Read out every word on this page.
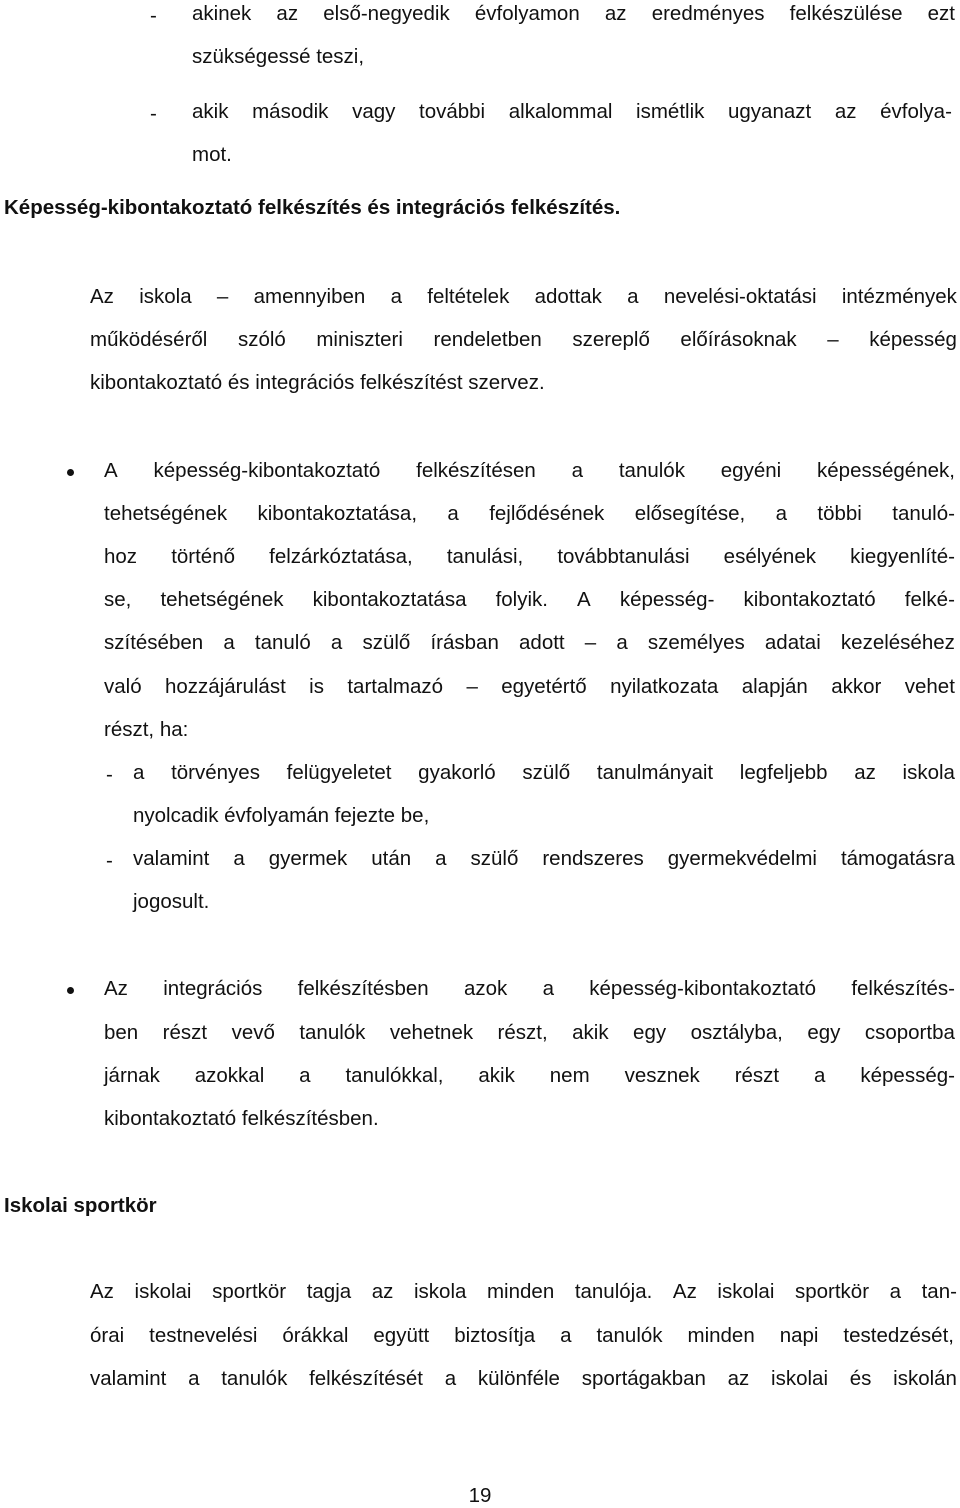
- akinek az első-negyedik évfolyamon az eredményes felkészülése ezt
szükségessé teszi,
- akik második vagy további alkalommal ismétlik ugyanazt az évfolya-
mot.
Képesség-kibontakoztató felkészítés és integrációs felkészítés.
Az iskola – amennyiben a feltételek adottak a nevelési-oktatási intézmények
működéséről szóló miniszteri rendeletben szereplő előírásoknak – képesség
kibontakoztató és integrációs felkészítést szervez.
A képesség-kibontakoztató felkészítésen a tanulók egyéni képességének,
tehetségének kibontakoztatása, a fejlődésének elősegítése, a többi tanuló-
hoz történő felzárkóztatása, tanulási, továbbtanulási esélyének kiegyenlíté-
se, tehetségének kibontakoztatása folyik. A képesség- kibontakoztató felké-
szítésében a tanuló a szülő írásban adott – a személyes adatai kezeléséhez
való hozzájárulást is tartalmazó – egyetértő nyilatkozata alapján akkor vehet
részt, ha:
- a törvényes felügyeletet gyakorló szülő tanulmányait legfeljebb az iskola
nyolcadik évfolyamán fejezte be,
- valamint a gyermek után a szülő rendszeres gyermekvédelmi támogatásra
jogosult.
Az integrációs felkészítésben azok a képesség-kibontakoztató felkészítés-
ben részt vevő tanulók vehetnek részt, akik egy osztályba, egy csoportba
járnak azokkal a tanulókkal, akik nem vesznek részt a képesség-
kibontakoztató felkészítésben.
Iskolai sportkör
Az iskolai sportkör tagja az iskola minden tanulója. Az iskolai sportkör a tan-
órai testnevelési órákkal együtt biztosítja a tanulók minden napi testedzését,
valamint a tanulók felkészítését a különféle sportágakban az iskolai és iskolán
19
